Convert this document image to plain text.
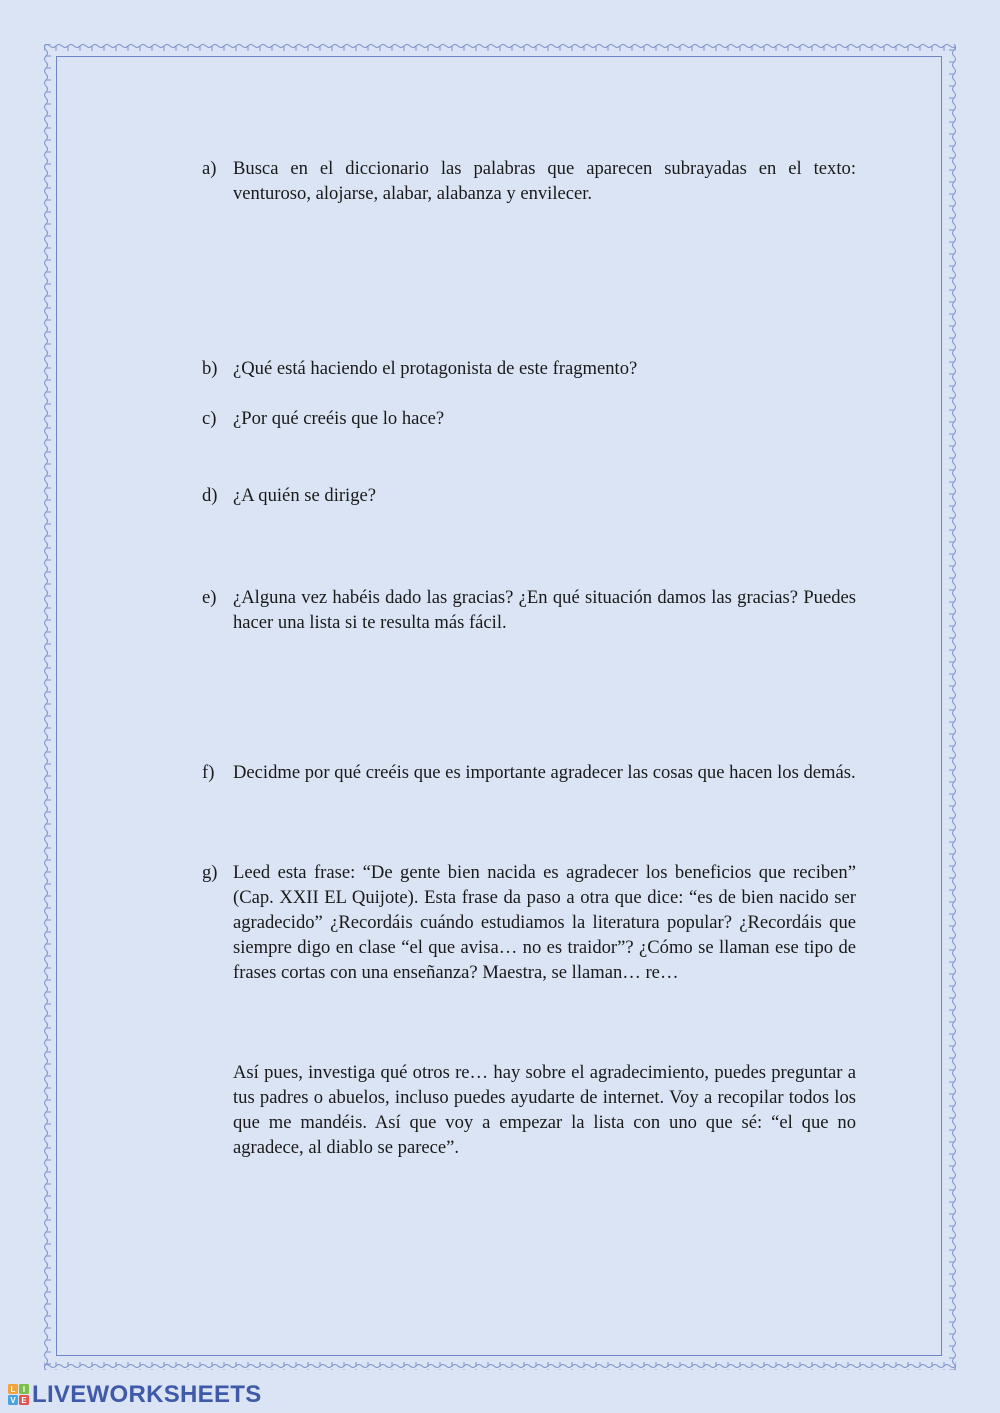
a) Busca en el diccionario las palabras que aparecen subrayadas en el texto: venturoso, alojarse, alabar, alabanza y envilecer.
b) ¿Qué está haciendo el protagonista de este fragmento?
c) ¿Por qué creéis que lo hace?
d) ¿A quién se dirige?
e) ¿Alguna vez habéis dado las gracias? ¿En qué situación damos las gracias? Puedes hacer una lista si te resulta más fácil.
f)	Decidme por qué creéis que es importante agradecer las cosas que hacen los demás.
g) Leed esta frase: “De gente bien nacida es agradecer los beneficios que reciben” (Cap. XXII EL Quijote). Esta frase da paso a otra que dice: “es de bien nacido ser agradecido” ¿Recordáis cuándo estudiamos la literatura popular? ¿Recordáis que siempre digo en clase “el que avisa… no es traidor”? ¿Cómo se llaman ese tipo de frases cortas con una enseñanza? Maestra, se llaman… re…
Así pues, investiga qué otros re… hay sobre el agradecimiento, puedes preguntar a tus padres o abuelos, incluso puedes ayudarte de internet. Voy a recopilar todos los que me mandéis. Así que voy a empezar la lista con uno que sé: “el que no agradece, al diablo se parece”.
L I
V E LIVEWORKSHEETS
